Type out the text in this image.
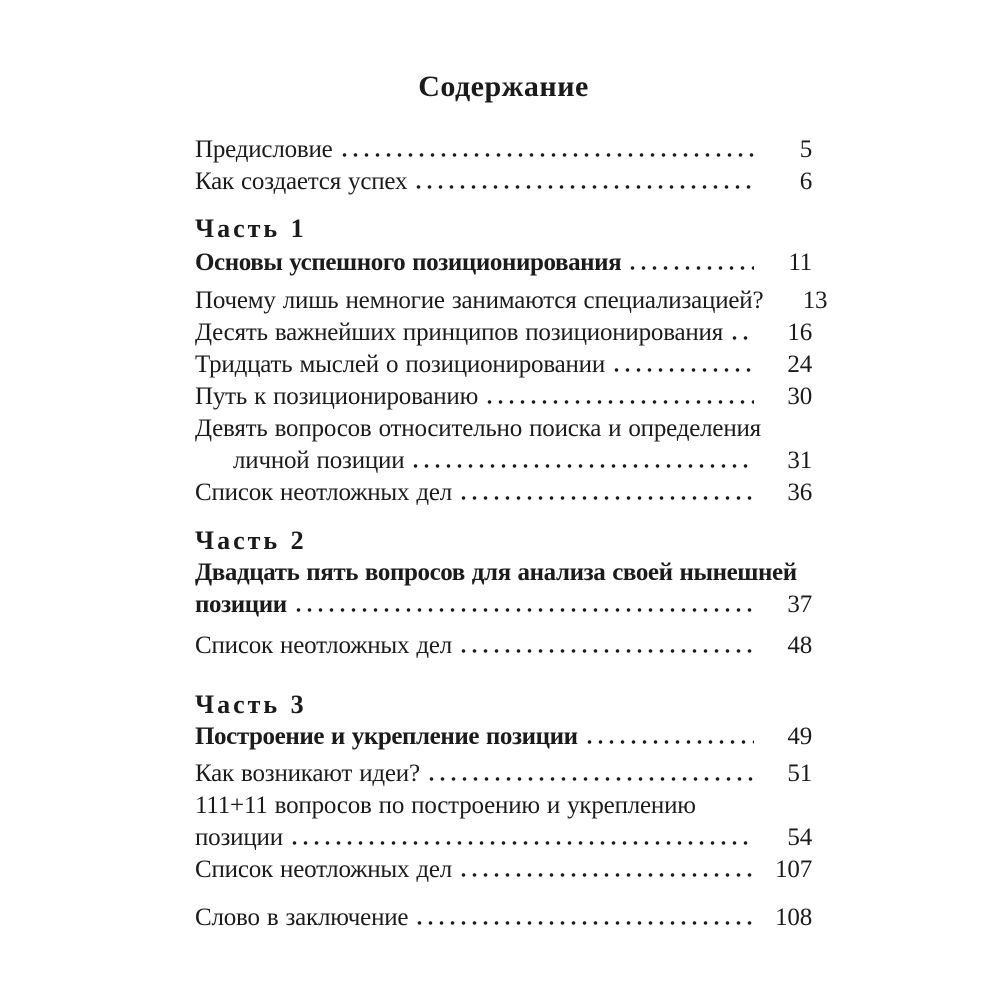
Содержание
Предисловие	5
Как создается успех	6
Часть 1
Основы успешного позиционирования	11
Почему лишь немногие занимаются специализацией?	13
Десять важнейших принципов позиционирования	16
Тридцать мыслей о позиционировании	24
Путь к позиционированию	30
Девять вопросов относительно поиска и определения
личной позиции	31
Список неотложных дел	36
Часть 2
Двадцать пять вопросов для анализа своей нынешней
позиции	37
Список неотложных дел	48
Часть 3
Построение и укрепление позиции	49
Как возникают идеи?	51
111+11 вопросов по построению и укреплению
позиции	54
Список неотложных дел	107
Слово в заключение	108
